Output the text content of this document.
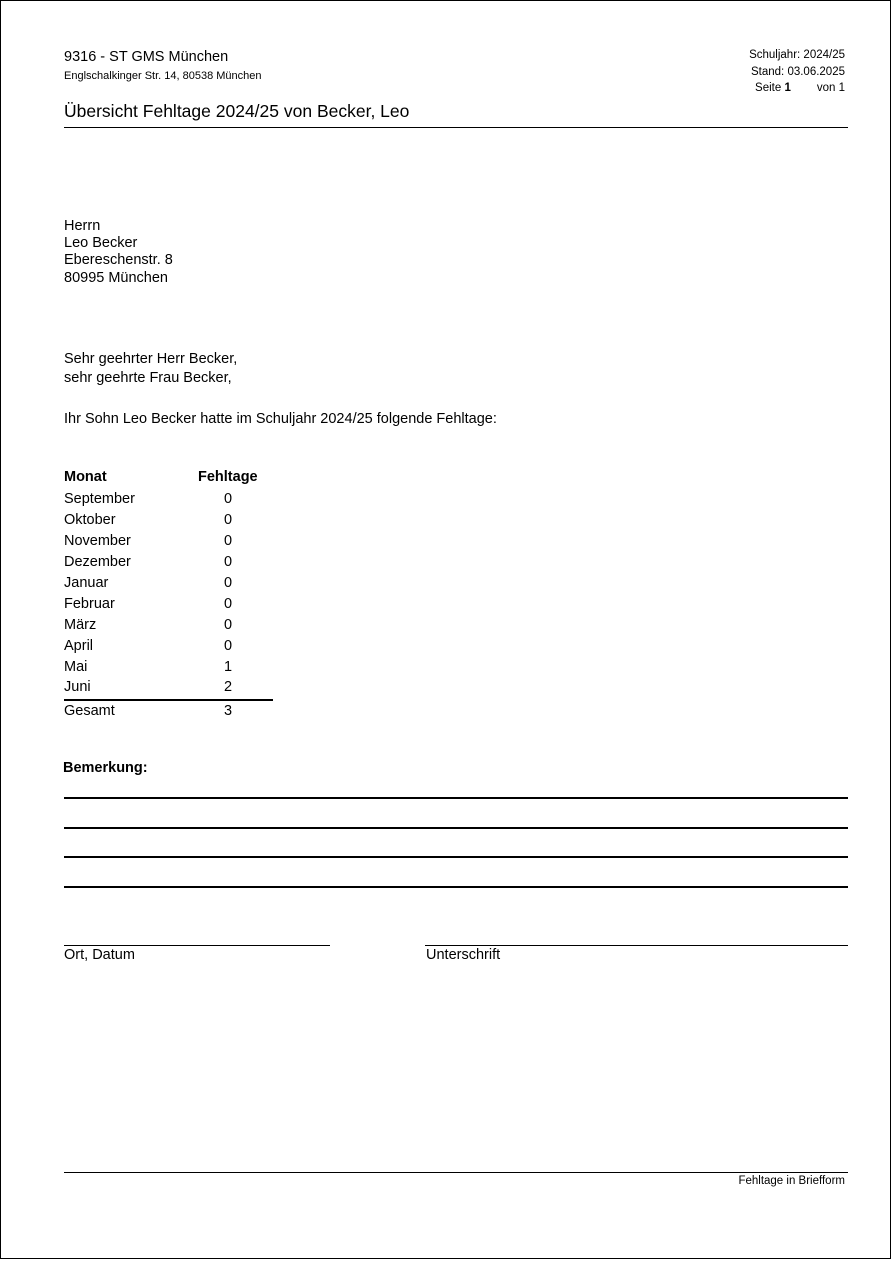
9316 - ST GMS München
Englschalkinger Str. 14, 80538 München
Schuljahr: 2024/25
Stand: 03.06.2025
Seite 1 von 1
Übersicht Fehltage 2024/25 von Becker, Leo
Herrn
Leo Becker
Ebereschenstr. 8
80995 München
Sehr geehrter Herr Becker,
sehr geehrte Frau Becker,
Ihr Sohn Leo Becker hatte im Schuljahr 2024/25 folgende Fehltage:
Monat	Fehltage
September	0
Oktober	0
November	0
Dezember	0
Januar	0
Februar	0
März	0
April	0
Mai	1
Juni	2
Gesamt	3
Bemerkung:
Ort, Datum	Unterschrift
Fehltage in Briefform
